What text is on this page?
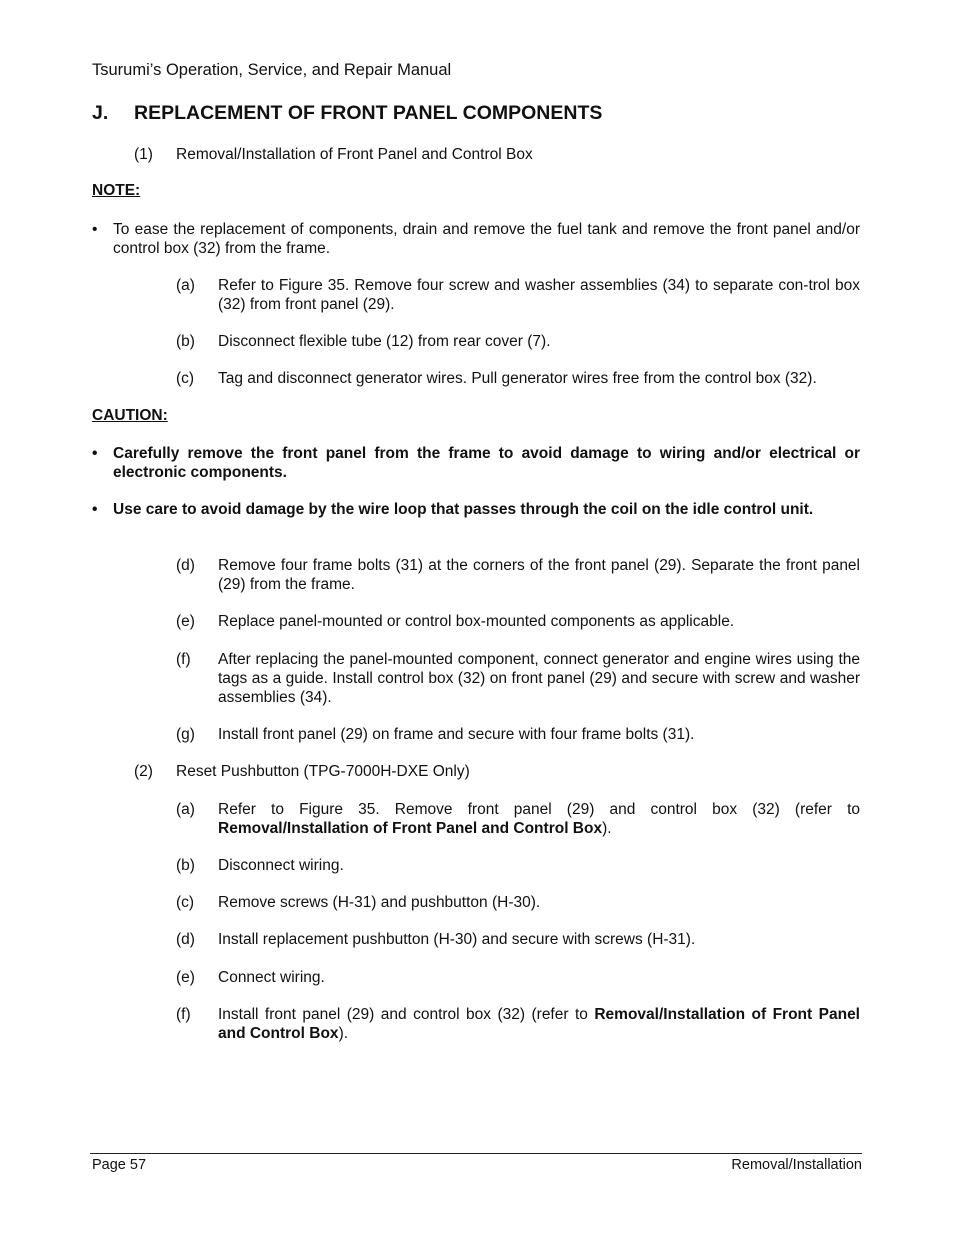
Tsurumi’s Operation, Service, and Repair Manual
J. REPLACEMENT OF FRONT PANEL COMPONENTS
(1) Removal/Installation of Front Panel and Control Box
NOTE:
• To ease the replacement of components, drain and remove the fuel tank and remove the front panel and/or control box (32) from the frame.
(a) Refer to Figure 35. Remove four screw and washer assemblies (34) to separate con-trol box (32) from front panel (29).
(b) Disconnect flexible tube (12) from rear cover (7).
(c) Tag and disconnect generator wires. Pull generator wires free from the control box (32).
CAUTION:
• Carefully remove the front panel from the frame to avoid damage to wiring and/or electrical or electronic components.
• Use care to avoid damage by the wire loop that passes through the coil on the idle control unit.
(d) Remove four frame bolts (31) at the corners of the front panel (29). Separate the front panel (29) from the frame.
(e) Replace panel-mounted or control box-mounted components as applicable.
(f) After replacing the panel-mounted component, connect generator and engine wires using the tags as a guide. Install control box (32) on front panel (29) and secure with screw and washer assemblies (34).
(g) Install front panel (29) on frame and secure with four frame bolts (31).
(2) Reset Pushbutton (TPG-7000H-DXE Only)
(a) Refer to Figure 35. Remove front panel (29) and control box (32) (refer to Removal/Installation of Front Panel and Control Box).
(b) Disconnect wiring.
(c) Remove screws (H-31) and pushbutton (H-30).
(d) Install replacement pushbutton (H-30) and secure with screws (H-31).
(e) Connect wiring.
(f) Install front panel (29) and control box (32) (refer to Removal/Installation of Front Panel and Control Box).
Page 57	Removal/Installation
